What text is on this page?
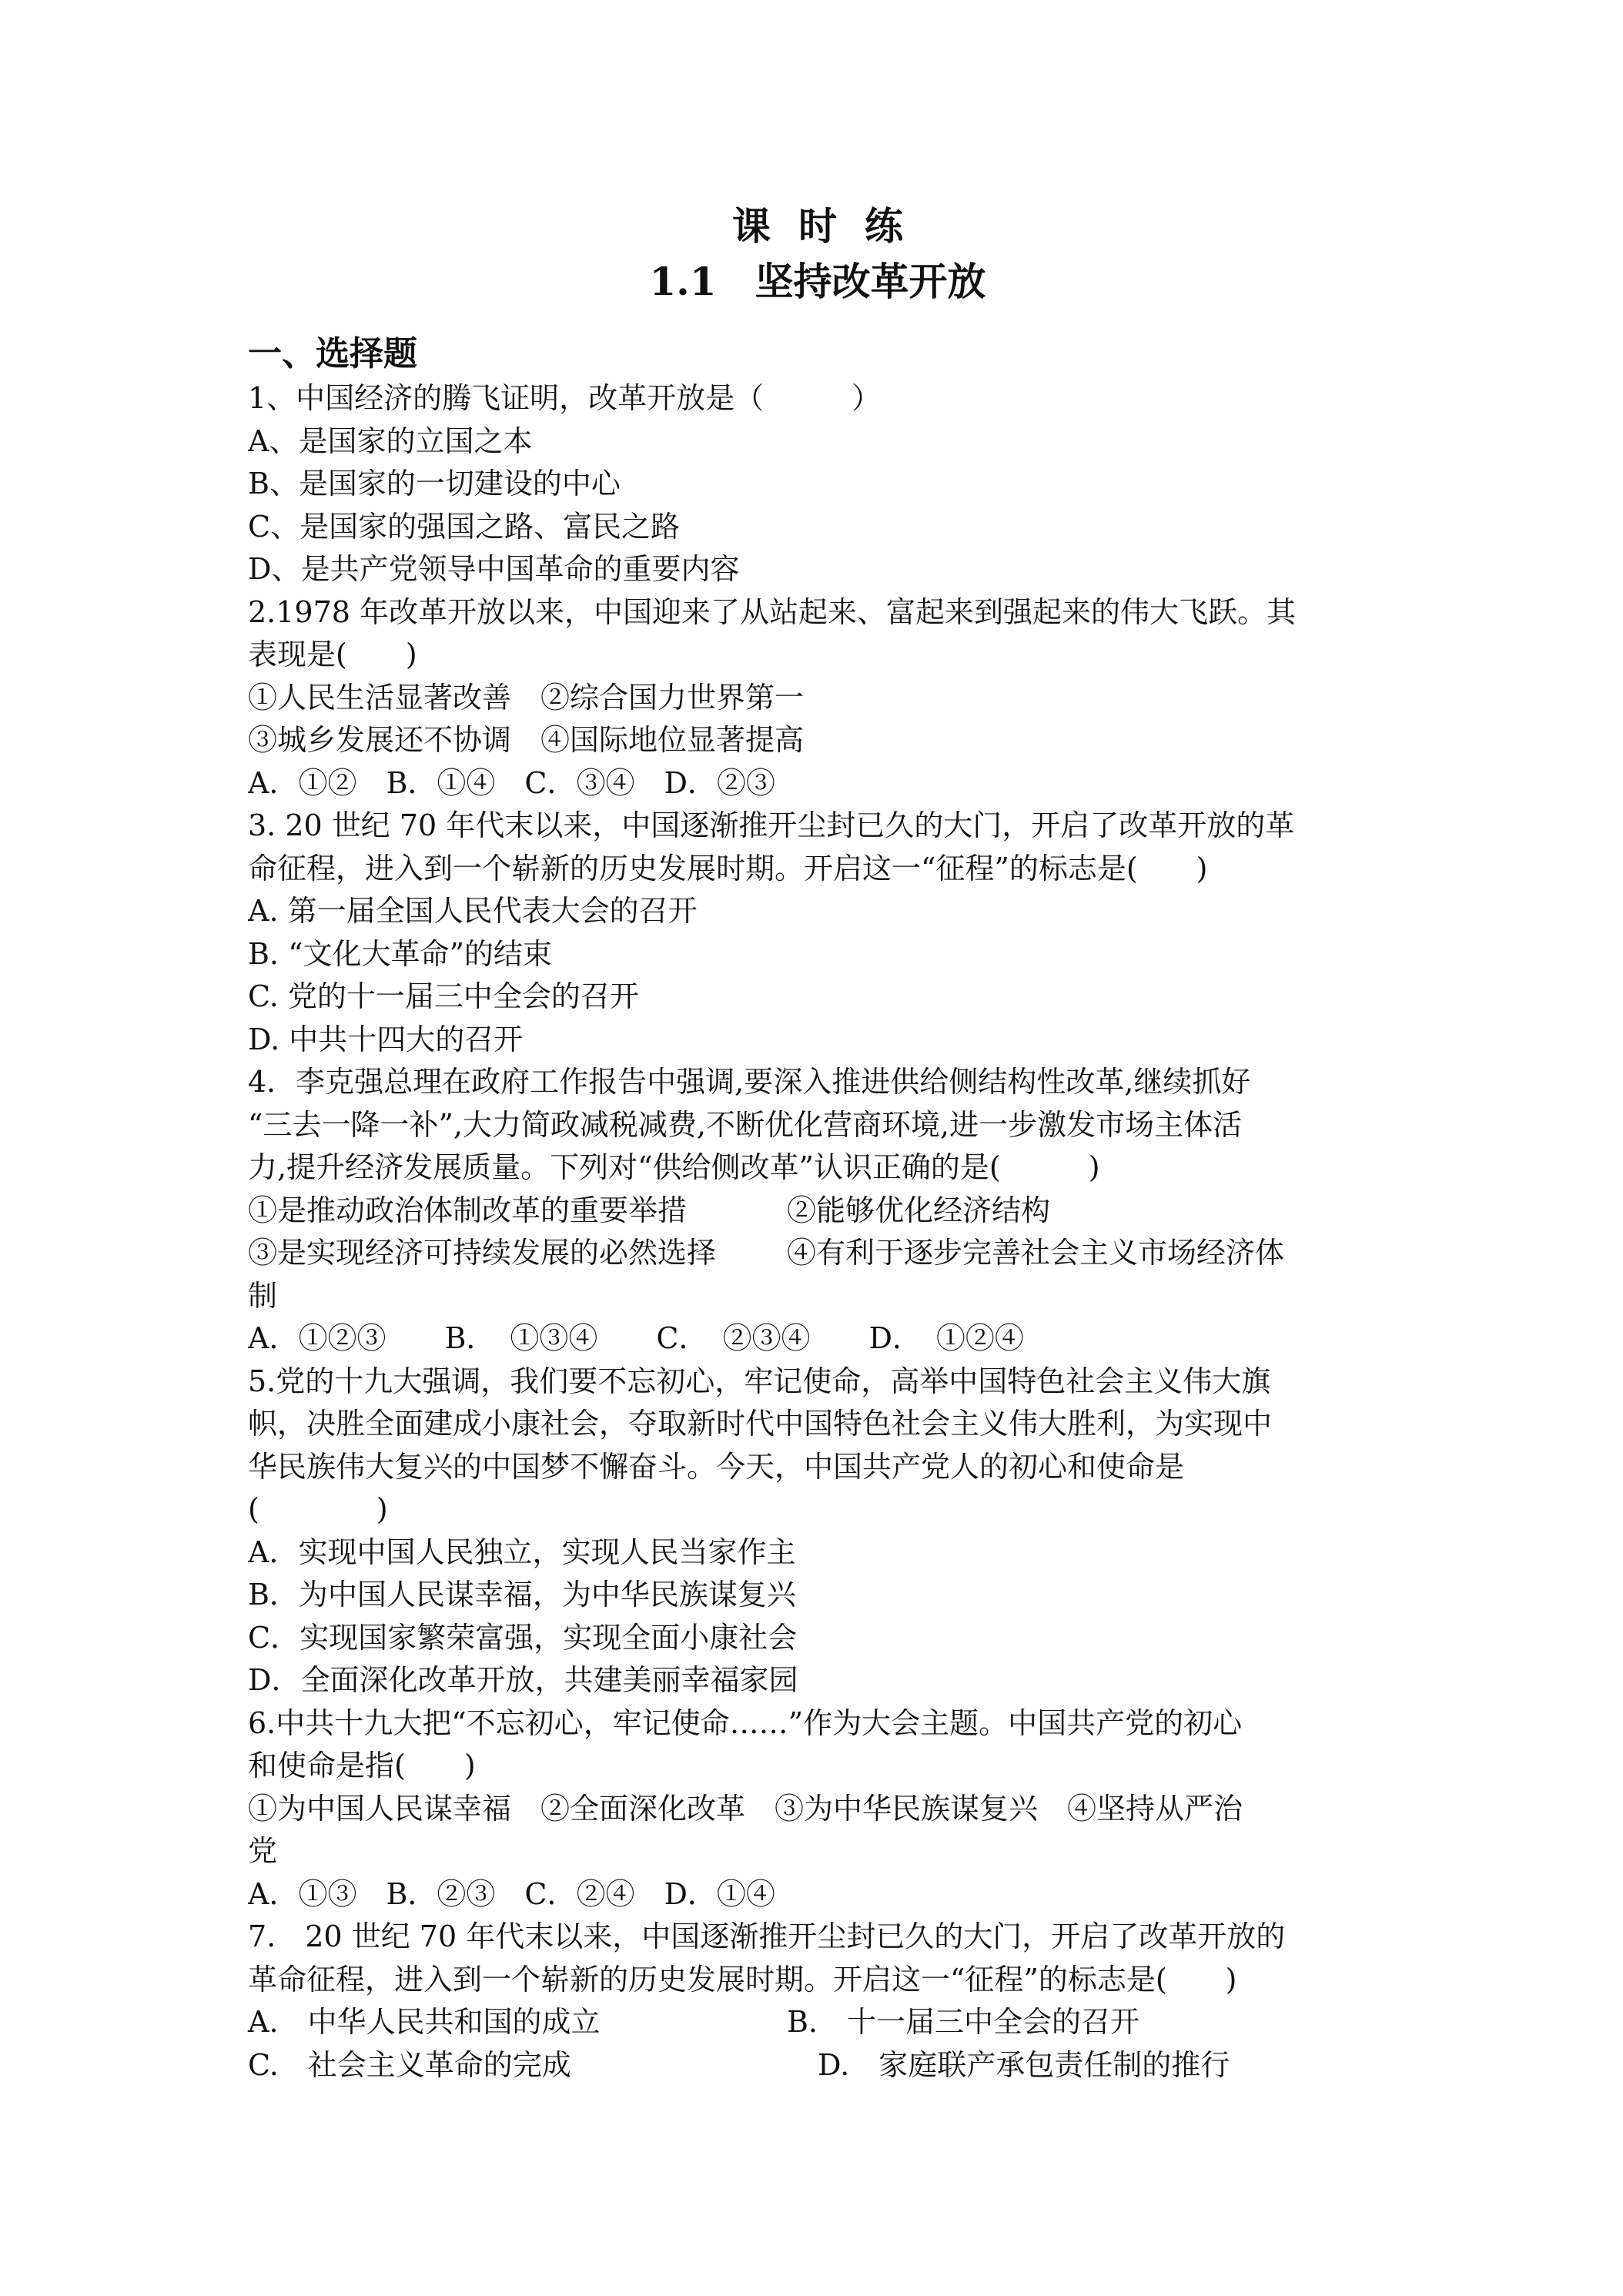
课时练
1.1　坚持改革开放
一、选择题
1、中国经济的腾飞证明，改革开放是（　　　）
A、是国家的立国之本
B、是国家的一切建设的中心
C、是国家的强国之路、富民之路
D、是共产党领导中国革命的重要内容
2.1978 年改革开放以来，中国迎来了从站起来、富起来到强起来的伟大飞跃。其
表现是(　　)
①人民生活显著改善　②综合国力世界第一
③城乡发展还不协调　④国际地位显著提高
A．①②　B．①④　C．③④　D．②③
3. 20 世纪 70 年代末以来，中国逐渐推开尘封已久的大门，开启了改革开放的革
命征程，进入到一个崭新的历史发展时期。开启这一“征程”的标志是(　　)
A. 第一届全国人民代表大会的召开
B. “文化大革命”的结束
C. 党的十一届三中全会的召开
D. 中共十四大的召开
4．李克强总理在政府工作报告中强调,要深入推进供给侧结构性改革,继续抓好
“三去一降一补”,大力简政减税减费,不断优化营商环境,进一步激发市场主体活
力,提升经济发展质量。下列对“供给侧改革”认识正确的是(　　　)
①是推动政治体制改革的重要举措	②能够优化经济结构
③是实现经济可持续发展的必然选择	④有利于逐步完善社会主义市场经济体
制
A．①②③　　B．　①③④　　C．　②③④　　D．　①②④
5.党的十九大强调，我们要不忘初心，牢记使命，高举中国特色社会主义伟大旗
帜，决胜全面建成小康社会，夺取新时代中国特色社会主义伟大胜利，为实现中
华民族伟大复兴的中国梦不懈奋斗。今天，中国共产党人的初心和使命是
(　　　　)
A．实现中国人民独立，实现人民当家作主
B．为中国人民谋幸福，为中华民族谋复兴
C．实现国家繁荣富强，实现全面小康社会
D．全面深化改革开放，共建美丽幸福家园
6.中共十九大把“不忘初心，牢记使命……”作为大会主题。中国共产党的初心
和使命是指(　　)
①为中国人民谋幸福　②全面深化改革　③为中华民族谋复兴　④坚持从严治
党
A．①③　B．②③　C．②④　D．①④
7.　20 世纪 70 年代末以来，中国逐渐推开尘封已久的大门，开启了改革开放的
革命征程，进入到一个崭新的历史发展时期。开启这一“征程”的标志是(　　)
A.　中华人民共和国的成立	B.　十一届三中全会的召开
C.　社会主义革命的完成	D.　家庭联产承包责任制的推行
